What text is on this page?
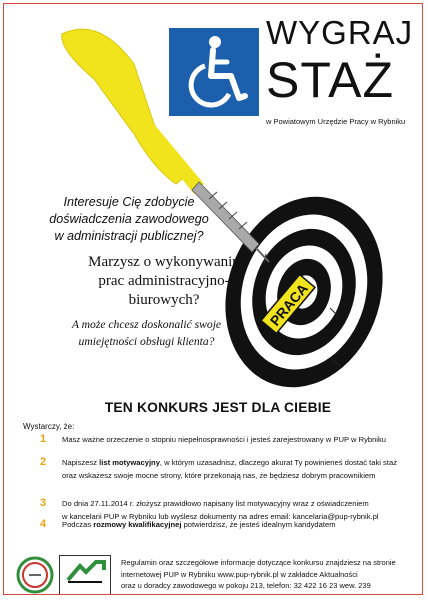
WYGRAJ
STAŻ
w Powiatowym Urzędzie Pracy w Rybniku
PRACA
Interesuje Cię zdobycie
doświadczenia zawodowego
w administracji publicznej?
Marzysz o wykonywaniu
prac administracyjno-
biurowych?
A może chcesz doskonalić swoje
umiejętności obsługi klienta?
TEN KONKURS JEST DLA CIEBIE
Wystarczy, że:
1 Masz ważne orzeczenie o stopniu niepełnosprawności i jesteś zarejestrowany w PUP w Rybniku
2 Napiszesz list motywacyjny, w którym uzasadnisz, dlaczego akurat Ty powinieneś dostać taki staż oraz wskażesz swoje mocne strony, które przekonają nas, że będziesz dobrym pracownikiem
3 Do dnia 27.11.2014 r. złożysz prawidłowo napisany list motywacyjny wraz z oświadczeniem
w kancelarii PUP w Rybniku lub wyślesz dokumenty na adres email: kancelaria@pup-rybnik.pl
4 Podczas rozmowy kwalifikacyjnej potwierdzisz, że jesteś idealnym kandydatem
Regulamin oraz szczegółowe informacje dotyczące konkursu znajdziesz na stronie
internetowej PUP w Rybniku www.pup-rybnik.pl w zakładce Aktualności
oraz u doradcy zawodowego w pokoju 213, telefon: 32 422 16 23 wew. 239
